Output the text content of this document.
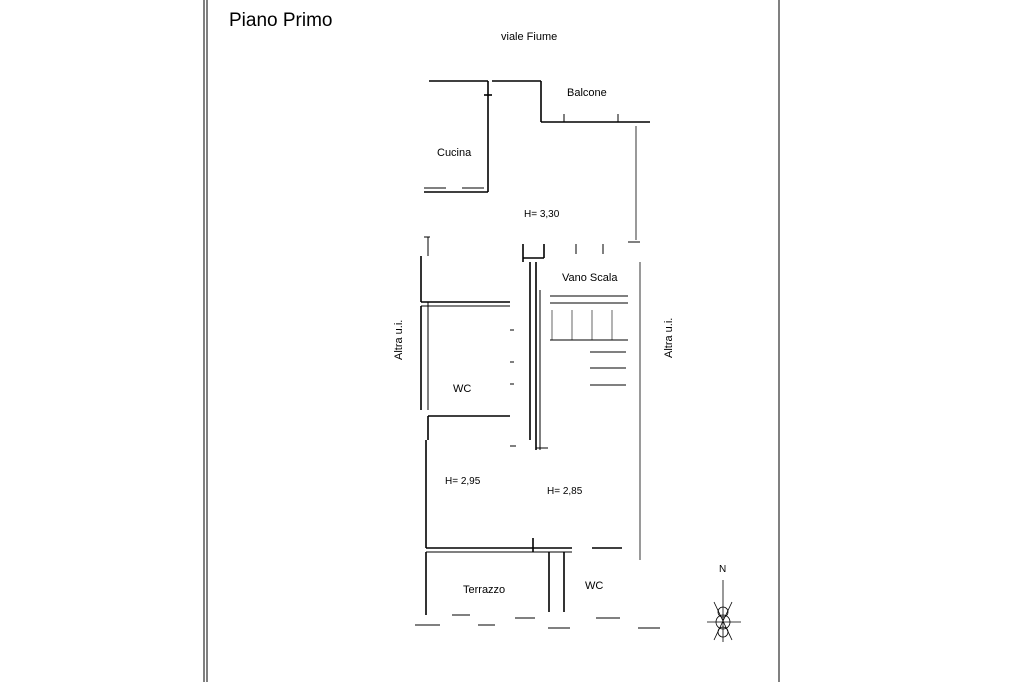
Piano Primo
viale Fiume
Balcone
Cucina
H= 3,30
Vano Scala
WC
H= 2,95
H= 2,85
Terrazzo	WC
Altra u.i.	Altra u.i.
N
